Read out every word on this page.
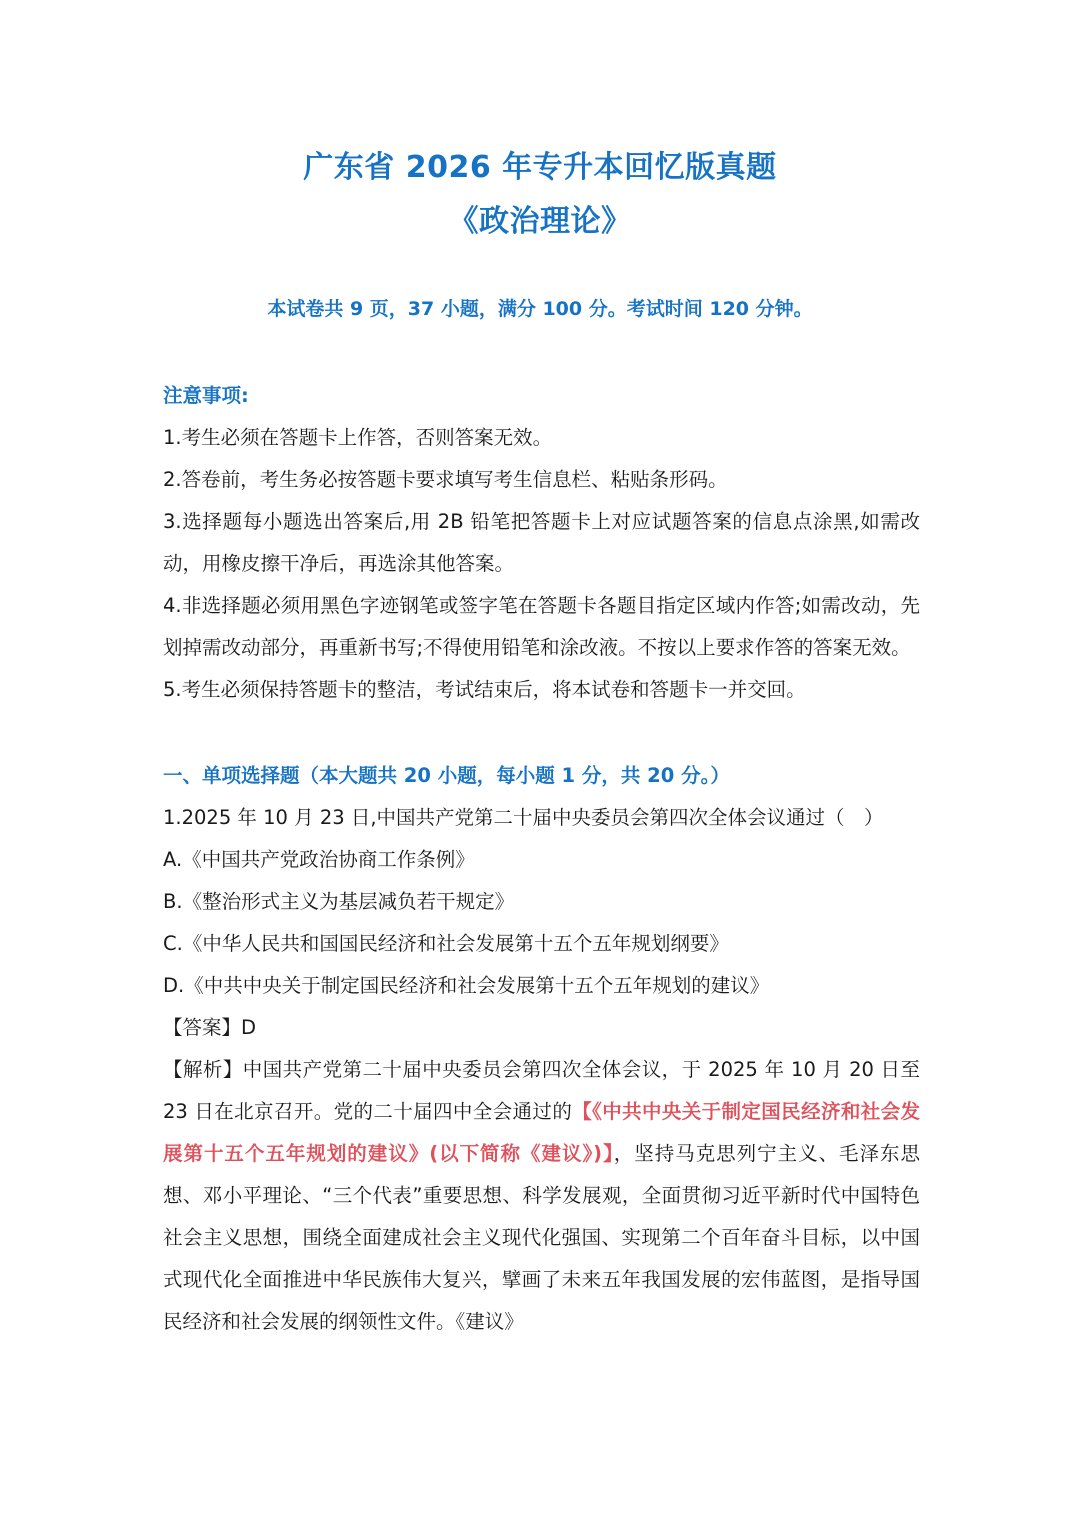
广东省 2026 年专升本回忆版真题
《政治理论》
本试卷共 9 页，37 小题，满分 100 分。考试时间 120 分钟。

注意事项:

1.考生必须在答题卡上作答，否则答案无效。

2.答卷前，考生务必按答题卡要求填写考生信息栏、粘贴条形码。

3.选择题每小题选出答案后,用 2B 铅笔把答题卡上对应试题答案的信息点涂黑,如需改动，用橡皮擦干净后，再选涂其他答案。

4.非选择题必须用黑色字迹钢笔或签字笔在答题卡各题目指定区域内作答;如需改动，先划掉需改动部分，再重新书写;不得使用铅笔和涂改液。不按以上要求作答的答案无效。

5.考生必须保持答题卡的整洁，考试结束后，将本试卷和答题卡一并交回。

一、单项选择题（本大题共 20 小题，每小题 1 分，共 20 分。）

1.2025 年 10 月 23 日,中国共产党第二十届中央委员会第四次全体会议通过（　）

A.《中国共产党政治协商工作条例》

B.《整治形式主义为基层减负若干规定》

C.《中华人民共和国国民经济和社会发展第十五个五年规划纲要》

D.《中共中央关于制定国民经济和社会发展第十五个五年规划的建议》

【答案】D

【解析】中国共产党第二十届中央委员会第四次全体会议，于 2025 年 10 月 20 日至 23 日在北京召开。党的二十届四中全会通过的【《中共中央关于制定国民经济和社会发展第十五个五年规划的建议》(以下简称《建议》)】，坚持马克思列宁主义、毛泽东思想、邓小平理论、“三个代表”重要思想、科学发展观，全面贯彻习近平新时代中国特色社会主义思想，围绕全面建成社会主义现代化强国、实现第二个百年奋斗目标，以中国式现代化全面推进中华民族伟大复兴，擘画了未来五年我国发展的宏伟蓝图，是指导国民经济和社会发展的纲领性文件。《建议》
